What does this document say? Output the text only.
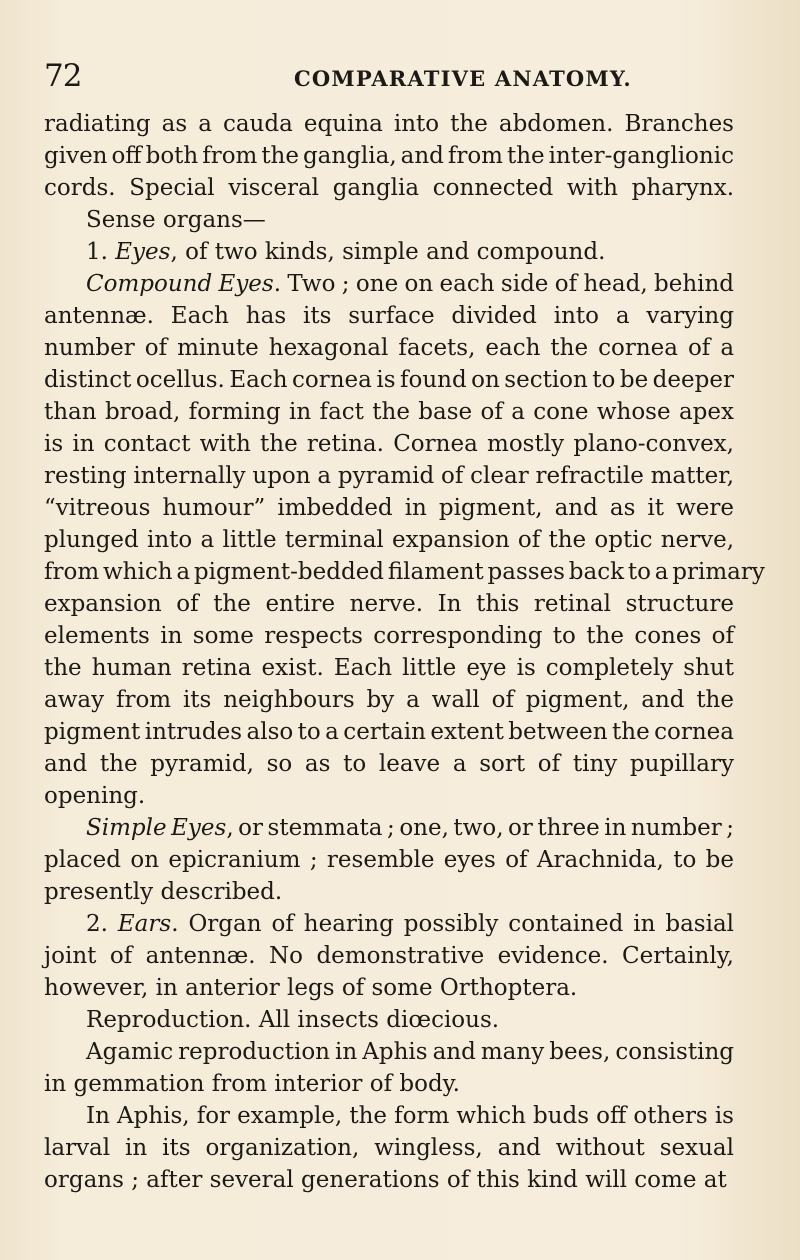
72	COMPARATIVE ANATOMY.
radiating as a cauda equina into the abdomen. Branches
given off both from the ganglia, and from the inter-ganglionic
cords. Special visceral ganglia connected with pharynx.
Sense organs—
1. Eyes, of two kinds, simple and compound.
Compound Eyes. Two ; one on each side of head, behind
antennæ. Each has its surface divided into a varying
number of minute hexagonal facets, each the cornea of a
distinct ocellus. Each cornea is found on section to be deeper
than broad, forming in fact the base of a cone whose apex
is in contact with the retina. Cornea mostly plano-convex,
resting internally upon a pyramid of clear refractile matter,
“vitreous humour” imbedded in pigment, and as it were
plunged into a little terminal expansion of the optic nerve,
from which a pigment-bedded filament passes back to a primary
expansion of the entire nerve. In this retinal structure
elements in some respects corresponding to the cones of
the human retina exist. Each little eye is completely shut
away from its neighbours by a wall of pigment, and the
pigment intrudes also to a certain extent between the cornea
and the pyramid, so as to leave a sort of tiny pupillary
opening.
Simple Eyes, or stemmata ; one, two, or three in number ;
placed on epicranium ; resemble eyes of Arachnida, to be
presently described.
2. Ears. Organ of hearing possibly contained in basial
joint of antennæ. No demonstrative evidence. Certainly,
however, in anterior legs of some Orthoptera.
Reproduction. All insects diœcious.
Agamic reproduction in Aphis and many bees, consisting
in gemmation from interior of body.
In Aphis, for example, the form which buds off others is
larval in its organization, wingless, and without sexual
organs ; after several generations of this kind will come at
